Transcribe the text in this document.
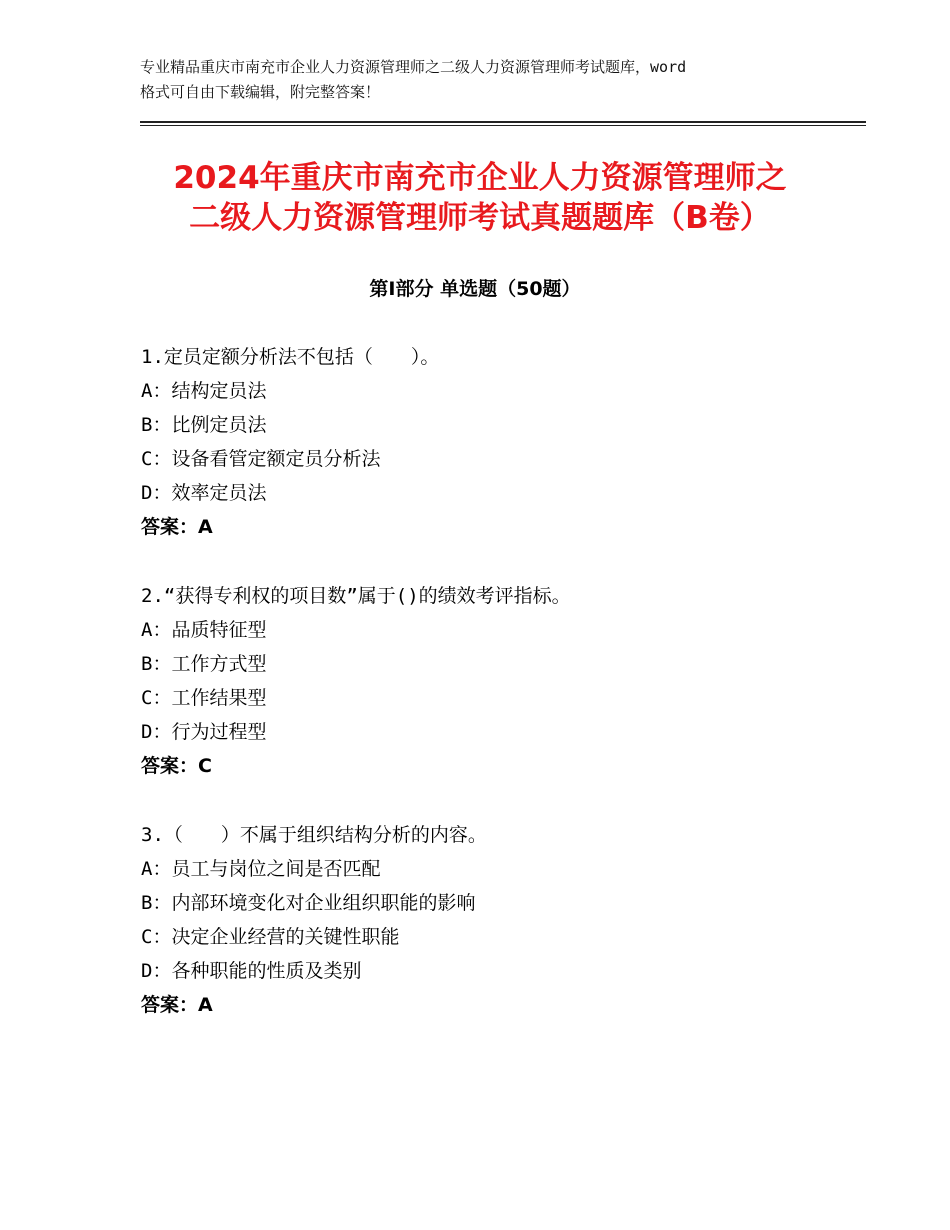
专业精品重庆市南充市企业人力资源管理师之二级人力资源管理师考试题库，word
格式可自由下载编辑，附完整答案！
2024年重庆市南充市企业人力资源管理师之
二级人力资源管理师考试真题题库（B卷）
第Ⅰ部分 单选题（50题）
1.定员定额分析法不包括（　　）。
A：结构定员法
B：比例定员法
C：设备看管定额定员分析法
D：效率定员法
答案：A
2.“获得专利权的项目数”属于()的绩效考评指标。
A：品质特征型
B：工作方式型
C：工作结果型
D：行为过程型
答案：C
3.（　　）不属于组织结构分析的内容。
A：员工与岗位之间是否匹配
B：内部环境变化对企业组织职能的影响
C：决定企业经营的关键性职能
D：各种职能的性质及类别
答案：A
